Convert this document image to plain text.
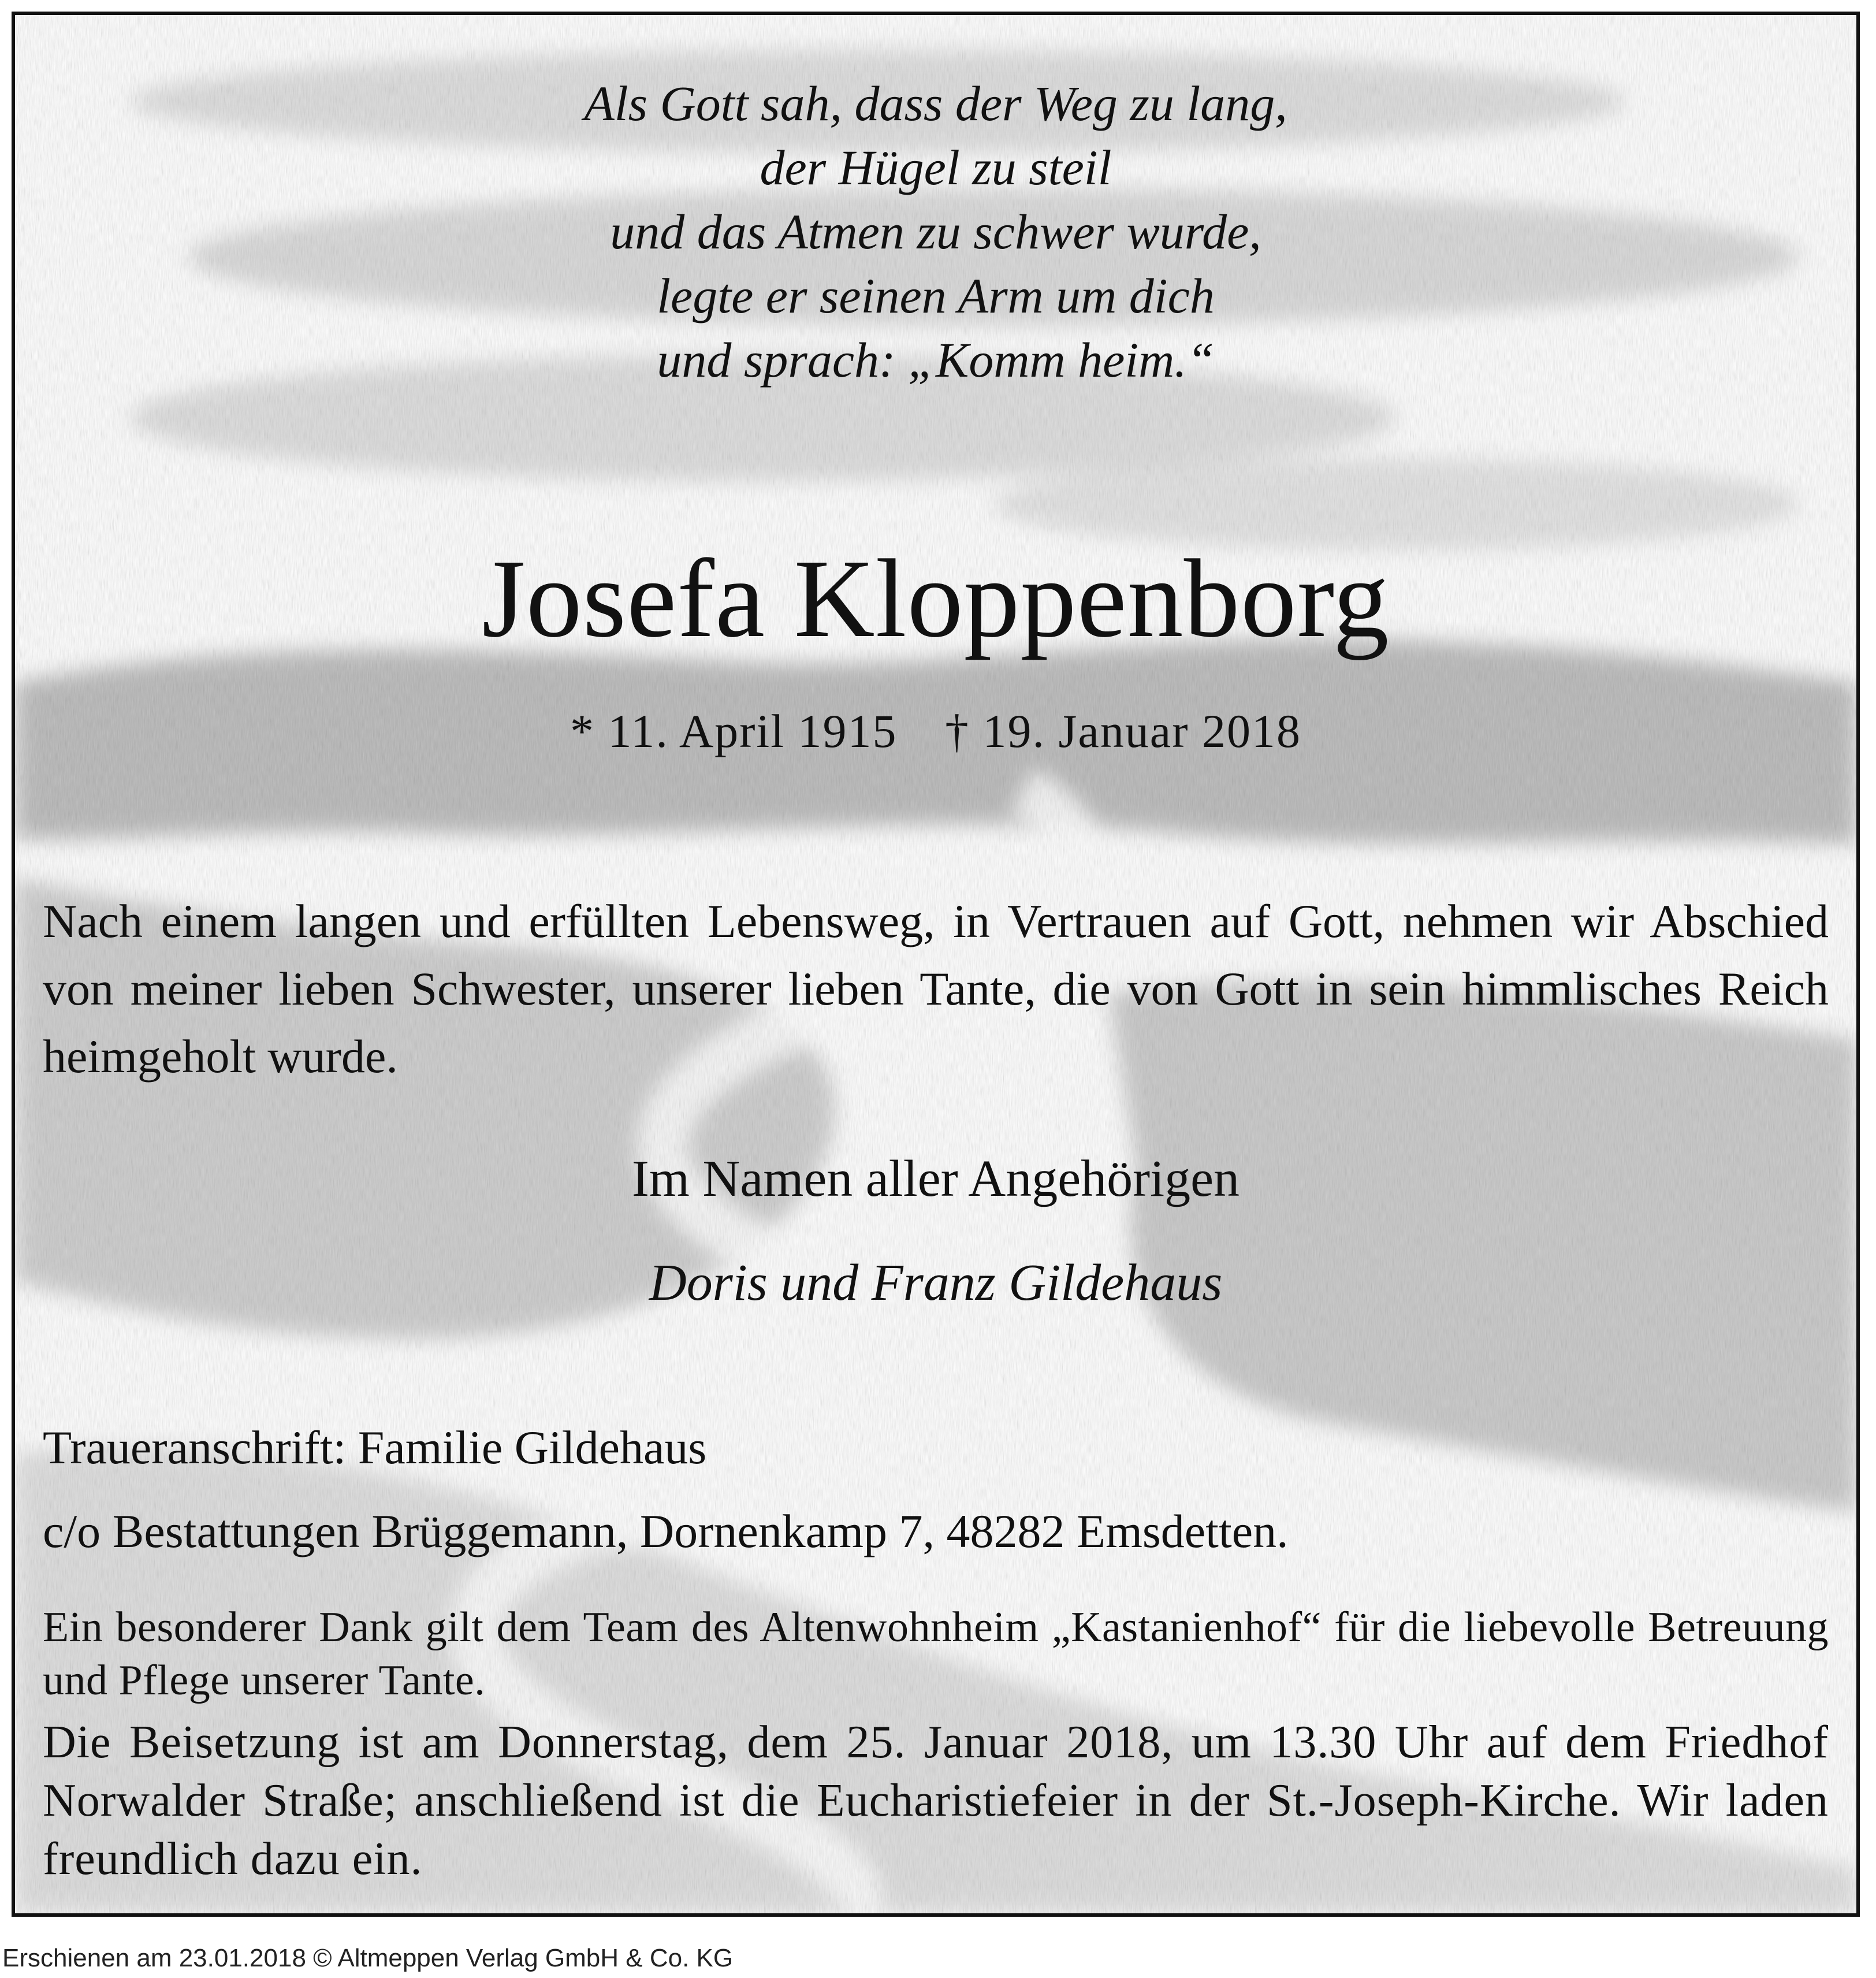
Als Gott sah, dass der Weg zu lang,
der Hügel zu steil
und das Atmen zu schwer wurde,
legte er seinen Arm um dich
und sprach: „Komm heim.“
Josefa Kloppenborg
* 11. April 1915 † 19. Januar 2018
Nach einem langen und erfüllten Lebensweg, in Vertrauen auf Gott, nehmen wir Abschied von meiner lieben Schwester, unserer lieben Tante, die von Gott in sein himmlisches Reich heimgeholt wurde.
Im Namen aller Angehörigen
Doris und Franz Gildehaus
Traueranschrift: Familie Gildehaus
c/o Bestattungen Brüggemann, Dornenkamp 7, 48282 Emsdetten.
Ein besonderer Dank gilt dem Team des Altenwohnheim „Kastanienhof“ für die liebevolle Betreuung und Pflege unserer Tante.
Die Beisetzung ist am Donnerstag, dem 25. Januar 2018, um 13.30 Uhr auf dem Friedhof Norwalder Straße; anschließend ist die Eucharistiefeier in der St.-Joseph-Kirche. Wir laden freundlich dazu ein.
Erschienen am 23.01.2018 © Altmeppen Verlag GmbH & Co. KG
